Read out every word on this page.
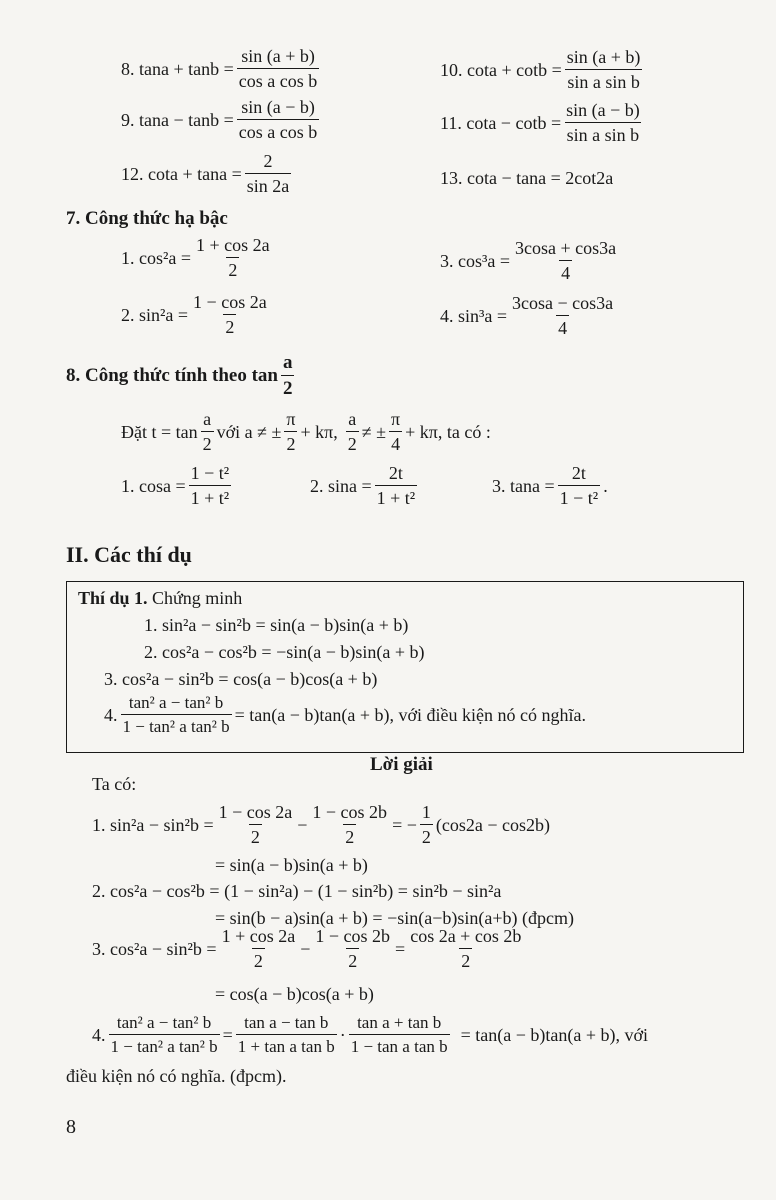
8. $\tan a + \tan b = \frac{\sin (a + b)}{\text{cos a cos b}}$
9. $\tan a - \tan b = \frac{\sin (a - b)}{\text{cos a cos b}}$
10. $\cot a + \cot b = \frac{\sin (a + b)}{\text{sin a sin b}}$
11. $\cot a - \cot b = \frac{\sin (a - b)}{\text{sin a sin b}}$
12. $\cot a + \tan a = \frac{2}{\sin 2a}$	13. cota − tana = 2cot2a
7. Công thức hạ bậc
1. $\cos^2a = \frac{1 + \cos 2a}{2}$
2. $\sin^2a = \frac{1 - \cos 2a}{2}$
3. $\cos^3a = \frac{3\cos a + \cos 3a}{4}$
4. $\sin^3a = \frac{3\cos a - \cos 3a}{4}$
8. Công thức tính theo $\tan \frac{a}{2}$
Đặt $t = \tan \frac{a}{2}$ với a ≠ ± $\frac{\pi}{2} + k\pi$, $\frac{a}{2}$ ≠ ± $\frac{\pi}{4} + k\pi$, ta có :
1. $\cos a = \frac{\text{1 − t²}}{\text{1 + t²}}$	2. $\sin a = \frac{2t}{\text{1 + t²}}$	3. $\tan a = \frac{2t}{\text{1 − t²}}$ .
II. Các thí dụ
Thí dụ 1. Chứng minh
1. sin²a − sin²b = sin(a − b)sin(a + b)
2. cos²a − cos²b = −sin(a − b)sin(a + b)
3. cos²a − sin²b = cos(a − b)cos(a + b)
4. $\frac{\text{tan² a − tan² b}}{\text{1 − tan² a tan² b}} = \tan(a - b)\tan(a + b)$, với điều kiện nó có nghĩa.
Lời giải
Ta có:
1. $\sin^2a - \sin^2b = \frac{1 - \cos 2a}{2} - \frac{1 - \cos 2b}{2}$ = − $\frac{1}{2} (\cos 2a - \cos 2b)$
= sin(a − b)sin(a + b)
2. cos²a − cos²b = (1 − sin²a) − (1 − sin²b) = sin²b − sin²a
= sin(b − a)sin(a + b) = −sin(a−b)sin(a+b) (đpcm)
3. $\cos^2a - \sin^2b = \frac{1 + \cos 2a}{2} - \frac{1 - \cos 2b}{2} = \frac{\cos 2a + \cos 2b}{2}$
= cos(a − b)cos(a + b)
4. $\frac{\text{tan² a − tan² b}}{\text{1 − tan² a tan² b}} = \frac{\text{tan a − tan b}}{\text{1 + tan a tan b}} \cdot \frac{\text{tan a + tan b}}{\text{1 − tan a tan b}} = \tan(a - b)\tan(a + b)$, với
điều kiện nó có nghĩa. (đpcm).
8
